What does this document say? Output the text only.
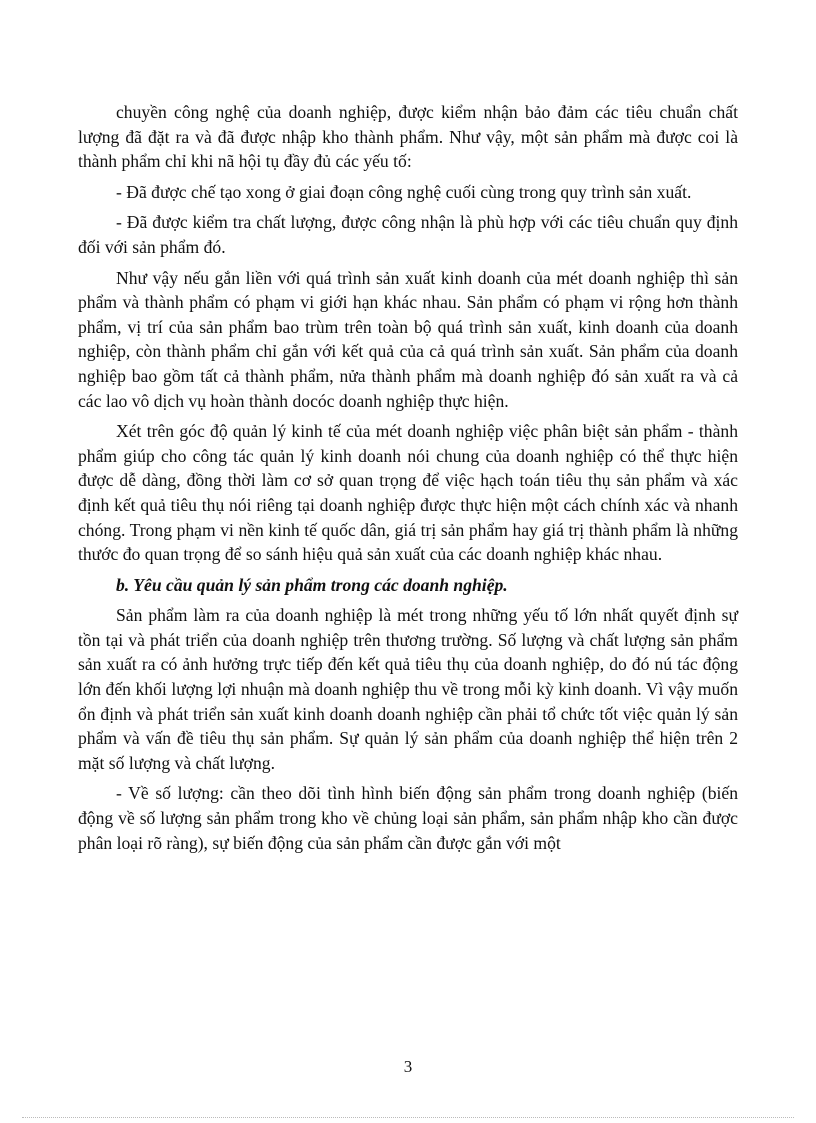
chuyền công nghệ của doanh nghiệp, được kiểm nhận bảo đảm các tiêu chuẩn chất lượng đã đặt ra và đã được nhập kho thành phẩm. Như vậy, một sản phẩm mà được coi là thành phẩm chỉ khi nã hội tụ đầy đủ các yếu tố:

- Đã được chế tạo xong ở giai đoạn công nghệ cuối cùng trong quy trình sản xuất.

- Đã được kiểm tra chất lượng, được công nhận là phù hợp với các tiêu chuẩn quy định đối với sản phẩm đó.

Như vậy nếu gắn liền với quá trình sản xuất kinh doanh của mét doanh nghiệp thì sản phẩm và thành phẩm có phạm vi giới hạn khác nhau. Sản phẩm có phạm vi rộng hơn thành phẩm, vị trí của sản phẩm bao trùm trên toàn bộ quá trình sản xuất, kinh doanh của doanh nghiệp, còn thành phẩm chỉ gắn với kết quả của cả quá trình sản xuất. Sản phẩm của doanh nghiệp bao gồm tất cả thành phẩm, nửa thành phẩm mà doanh nghiệp đó sản xuất ra và cả các lao vô dịch vụ hoàn thành docóc doanh nghiệp thực hiện.

Xét trên góc độ quản lý kinh tế của mét doanh nghiệp việc phân biệt sản phẩm - thành phẩm giúp cho công tác quản lý kinh doanh nói chung của doanh nghiệp có thể thực hiện được dễ dàng, đồng thời làm cơ sở quan trọng để việc hạch toán tiêu thụ sản phẩm và xác định kết quả tiêu thụ nói riêng tại doanh nghiệp được thực hiện một cách chính xác và nhanh chóng. Trong phạm vi nền kinh tế quốc dân, giá trị sản phẩm hay giá trị thành phẩm là những thước đo quan trọng để so sánh hiệu quả sản xuất của các doanh nghiệp khác nhau.

b. Yêu cầu quản lý sản phẩm trong các doanh nghiệp.

Sản phẩm làm ra của doanh nghiệp là mét trong những yếu tố lớn nhất quyết định sự tồn tại và phát triển của doanh nghiệp trên thương trường. Số lượng và chất lượng sản phẩm sản xuất ra có ảnh hưởng trực tiếp đến kết quả tiêu thụ của doanh nghiệp, do đó nú tác động lớn đến khối lượng lợi nhuận mà doanh nghiệp thu về trong mỗi kỳ kinh doanh. Vì vậy muốn ổn định và phát triển sản xuất kinh doanh doanh nghiệp cần phải tổ chức tốt việc quản lý sản phẩm và vấn đề tiêu thụ sản phẩm. Sự quản lý sản phẩm của doanh nghiệp thể hiện trên 2 mặt số lượng và chất lượng.

- Về số lượng: cần theo dõi tình hình biến động sản phẩm trong doanh nghiệp (biến động về số lượng sản phẩm trong kho về chủng loại sản phẩm, sản phẩm nhập kho cần được phân loại rõ ràng), sự biến động của sản phẩm cần được gắn với một

3
